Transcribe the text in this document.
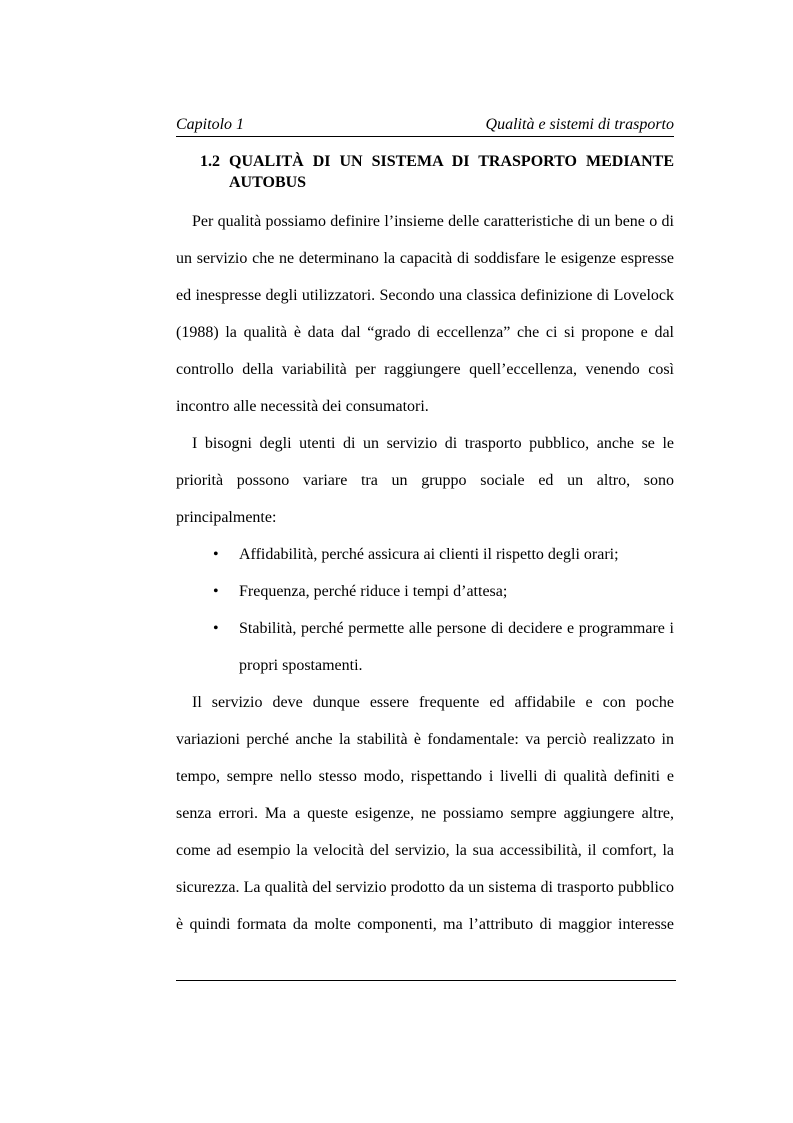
Capitolo 1	Qualità e sistemi di trasporto
1.2 QUALITÀ DI UN SISTEMA DI TRASPORTO MEDIANTE AUTOBUS
Per qualità possiamo definire l’insieme delle caratteristiche di un bene o di
un servizio che ne determinano la capacità di soddisfare le esigenze espresse
ed inespresse degli utilizzatori. Secondo una classica definizione di Lovelock
(1988) la qualità è data dal “grado di eccellenza” che ci si propone e dal
controllo della variabilità per raggiungere quell’eccellenza, venendo così
incontro alle necessità dei consumatori.
I bisogni degli utenti di un servizio di trasporto pubblico, anche se le
priorità possono variare tra un gruppo sociale ed un altro, sono
principalmente:
• Affidabilità, perché assicura ai clienti il rispetto degli orari;
• Frequenza, perché riduce i tempi d’attesa;
• Stabilità, perché permette alle persone di decidere e programmare i
propri spostamenti.
Il servizio deve dunque essere frequente ed affidabile e con poche
variazioni perché anche la stabilità è fondamentale: va perciò realizzato in
tempo, sempre nello stesso modo, rispettando i livelli di qualità definiti e
senza errori. Ma a queste esigenze, ne possiamo sempre aggiungere altre,
come ad esempio la velocità del servizio, la sua accessibilità, il comfort, la
sicurezza. La qualità del servizio prodotto da un sistema di trasporto pubblico
è quindi formata da molte componenti, ma l’attributo di maggior interesse
